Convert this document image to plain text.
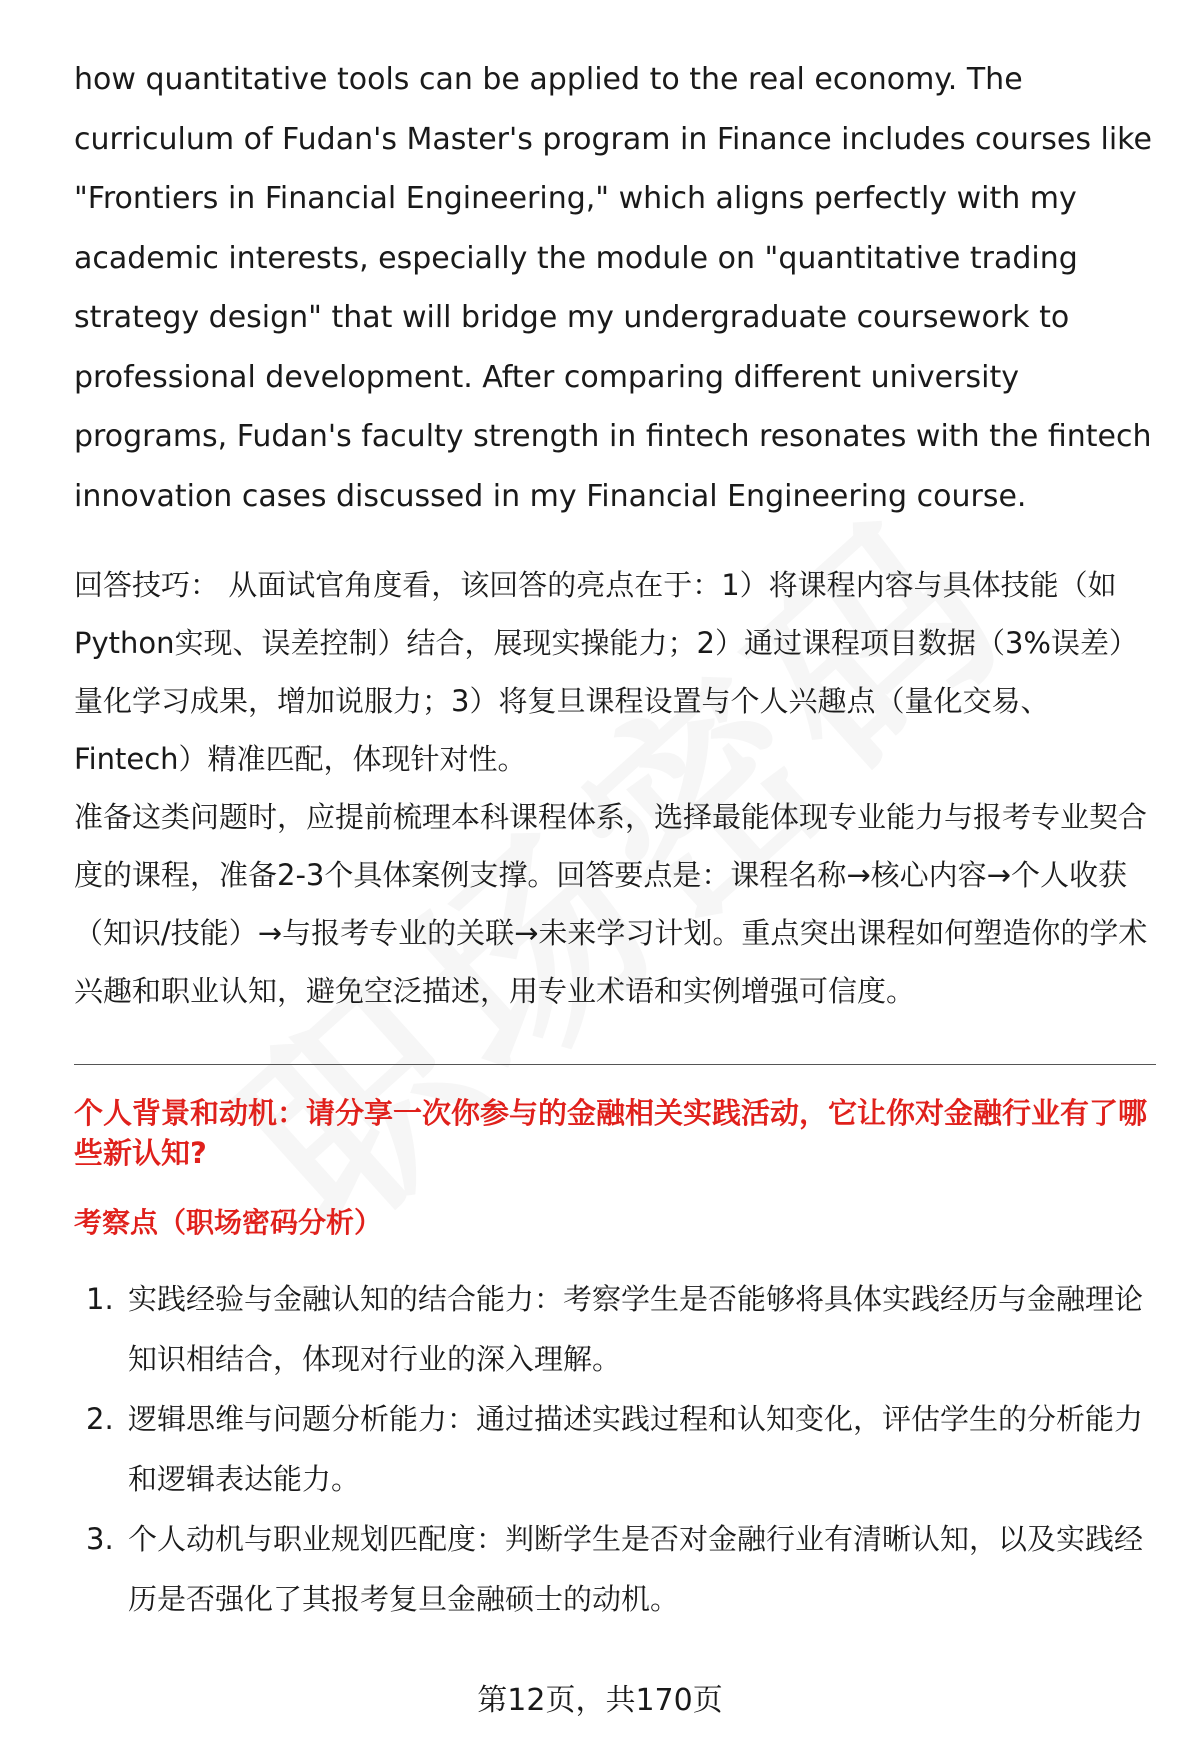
how quantitative tools can be applied to the real economy. The curriculum of Fudan's Master's program in Finance includes courses like "Frontiers in Financial Engineering," which aligns perfectly with my academic interests, especially the module on "quantitative trading strategy design" that will bridge my undergraduate coursework to professional development. After comparing different university programs, Fudan's faculty strength in fintech resonates with the fintech innovation cases discussed in my Financial Engineering course.

回答技巧： 从面试官角度看，该回答的亮点在于：1）将课程内容与具体技能（如Python实现、误差控制）结合，展现实操能力；2）通过课程项目数据（3%误差）量化学习成果，增加说服力；3）将复旦课程设置与个人兴趣点（量化交易、Fintech）精准匹配，体现针对性。

准备这类问题时，应提前梳理本科课程体系，选择最能体现专业能力与报考专业契合度的课程，准备2-3个具体案例支撑。回答要点是：课程名称→核心内容→个人收获（知识/技能）→与报考专业的关联→未来学习计划。重点突出课程如何塑造你的学术兴趣和职业认知，避免空泛描述，用专业术语和实例增强可信度。

个人背景和动机：请分享一次你参与的金融相关实践活动，它让你对金融行业有了哪些新认知?

考察点（职场密码分析）

1. 实践经验与金融认知的结合能力：考察学生是否能够将具体实践经历与金融理论知识相结合，体现对行业的深入理解。
2. 逻辑思维与问题分析能力：通过描述实践过程和认知变化，评估学生的分析能力和逻辑表达能力。
3. 个人动机与职业规划匹配度：判断学生是否对金融行业有清晰认知，以及实践经历是否强化了其报考复旦金融硕士的动机。
第12页，共170页
